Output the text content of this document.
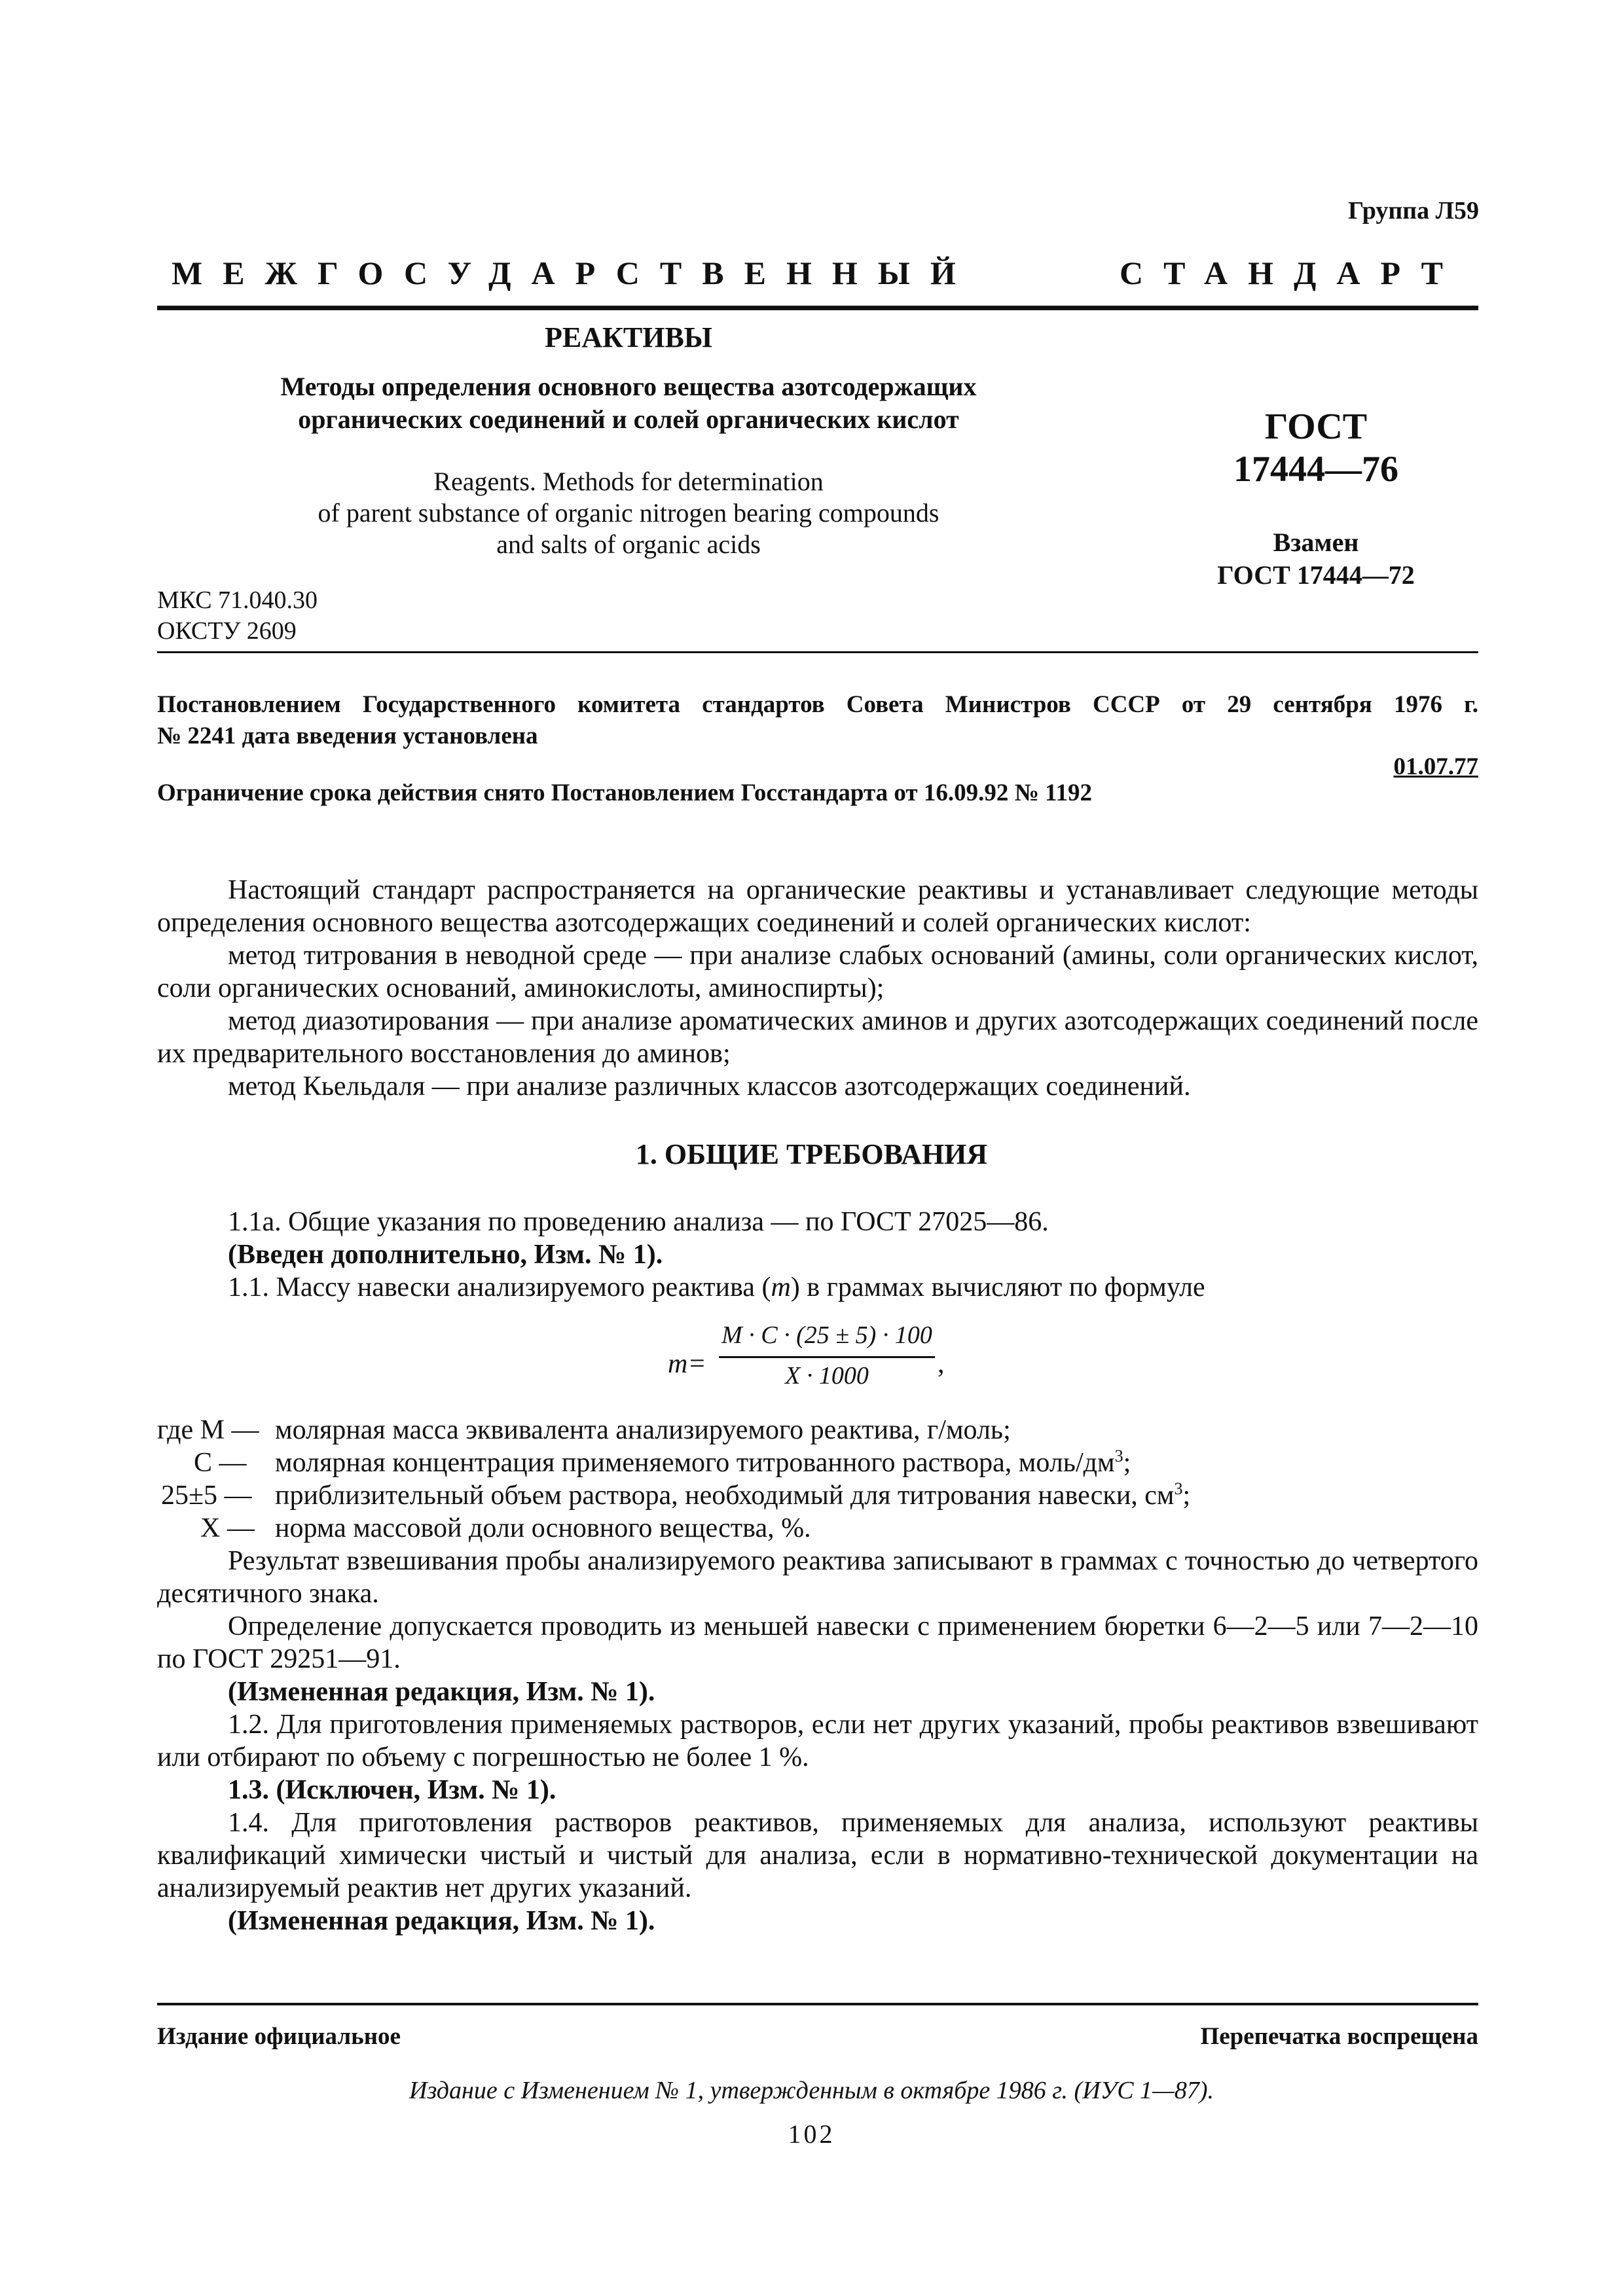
Группа Л59
МЕЖГОСУДАРСТВЕННЫЙ	СТАНДАРТ
РЕАКТИВЫ
Методы определения основного вещества азотсодержащих
органических соединений и солей органических кислот
Reagents. Methods for determination
of parent substance of organic nitrogen bearing compounds
and salts of organic acids
ГОСТ
17444—76
Взамен
ГОСТ 17444—72
МКС 71.040.30
ОКСТУ 2609
Постановлением Государственного комитета стандартов Совета Министров СССР от 29 сентября 1976 г.
№ 2241 дата введения установлена
01.07.77
Ограничение срока действия снято Постановлением Госстандарта от 16.09.92 № 1192
Настоящий стандарт распространяется на органические реактивы и устанавливает следующие методы определения основного вещества азотсодержащих соединений и солей органических кислот:
метод титрования в неводной среде — при анализе слабых оснований (амины, соли органических кислот, соли органических оснований, аминокислоты, аминоспирты);
метод диазотирования — при анализе ароматических аминов и других азотсодержащих соединений после их предварительного восстановления до аминов;
метод Кьельдаля — при анализе различных классов азотсодержащих соединений.
1. ОБЩИЕ ТРЕБОВАНИЯ
1.1а. Общие указания по проведению анализа — по ГОСТ 27025—86.
(Введен дополнительно, Изм. № 1).
1.1. Массу навески анализируемого реактива (m) в граммах вычисляют по формуле
m=
M · C · (25 ± 5) · 100
X · 1000	,
где M — молярная масса эквивалента анализируемого реактива, г/моль;
C — молярная концентрация применяемого титрованного раствора, моль/$дм^3$;
25±5 — приблизительный объем раствора, необходимый для титрования навески, $см^3$;
X — норма массовой доли основного вещества, %.
Результат взвешивания пробы анализируемого реактива записывают в граммах с точностью до четвертого десятичного знака.
Определение допускается проводить из меньшей навески с применением бюретки 6—2—5 или 7—2—10 по ГОСТ 29251—91.
(Измененная редакция, Изм. № 1).
1.2. Для приготовления применяемых растворов, если нет других указаний, пробы реактивов взвешивают или отбирают по объему с погрешностью не более 1 %.
1.3. (Исключен, Изм. № 1).
1.4. Для приготовления растворов реактивов, применяемых для анализа, используют реактивы квалификаций химически чистый и чистый для анализа, если в нормативно-технической документации на анализируемый реактив нет других указаний.
(Измененная редакция, Изм. № 1).
Издание официальное	Перепечатка воспрещена
Издание с Изменением № 1, утвержденным в октябре 1986 г. (ИУС 1—87).
102
